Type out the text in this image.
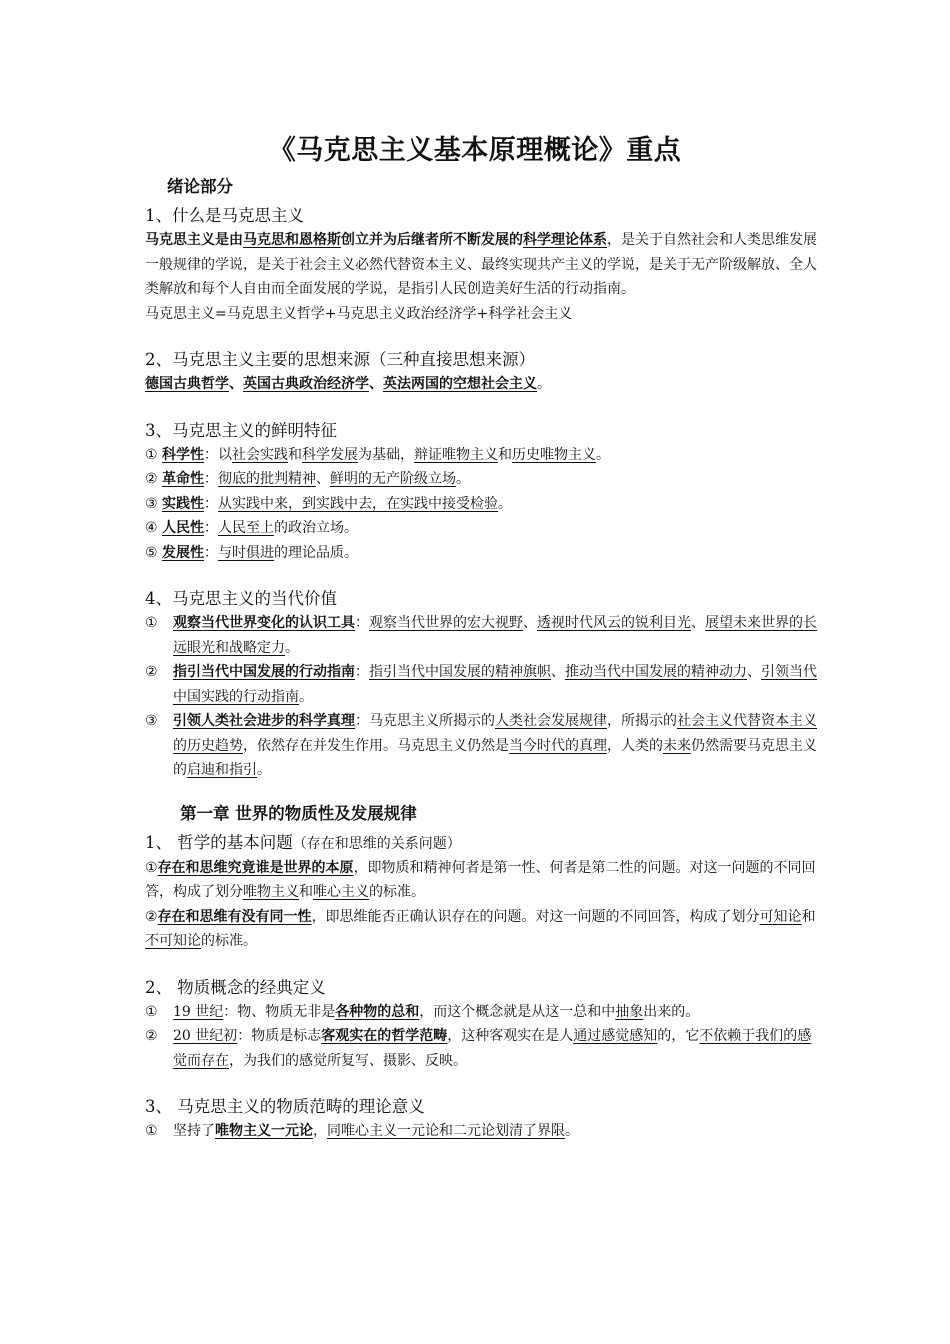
《马克思主义基本原理概论》重点
绪论部分
1、什么是马克思主义

马克思主义是由马克思和恩格斯创立并为后继者所不断发展的科学理论体系，是关于自然社会和人类思维发展一般规律的学说，是关于社会主义必然代替资本主义、最终实现共产主义的学说，是关于无产阶级解放、全人类解放和每个人自由而全面发展的学说，是指引人民创造美好生活的行动指南。

马克思主义=马克思主义哲学+马克思主义政治经济学+科学社会主义

2、马克思主义主要的思想来源（三种直接思想来源）

德国古典哲学、英国古典政治经济学、英法两国的空想社会主义。

3、马克思主义的鲜明特征

① 科学性：以社会实践和科学发展为基础，辩证唯物主义和历史唯物主义。

② 革命性：彻底的批判精神、鲜明的无产阶级立场。

③ 实践性：从实践中来，到实践中去，在实践中接受检验。

④ 人民性：人民至上的政治立场。

⑤ 发展性：与时俱进的理论品质。

4、马克思主义的当代价值
①	观察当代世界变化的认识工具：观察当代世界的宏大视野、透视时代风云的锐利目光、展望未来世界的长远眼光和战略定力。
②	指引当代中国发展的行动指南：指引当代中国发展的精神旗帜、推动当代中国发展的精神动力、引领当代中国实践的行动指南。
③	引领人类社会进步的科学真理：马克思主义所揭示的人类社会发展规律，所揭示的社会主义代替资本主义的历史趋势，依然存在并发生作用。马克思主义仍然是当今时代的真理，人类的未来仍然需要马克思主义的启迪和指引。
第一章 世界的物质性及发展规律
1、 哲学的基本问题（存在和思维的关系问题）

①存在和思维究竟谁是世界的本原，即物质和精神何者是第一性、何者是第二性的问题。对这一问题的不同回答，构成了划分唯物主义和唯心主义的标准。

②存在和思维有没有同一性，即思维能否正确认识存在的问题。对这一问题的不同回答，构成了划分可知论和不可知论的标准。

2、 物质概念的经典定义
①	19 世纪：物、物质无非是各种物的总和，而这个概念就是从这一总和中抽象出来的。
②	20 世纪初：物质是标志客观实在的哲学范畴，这种客观实在是人通过感觉感知的，它不依赖于我们的感觉而存在，为我们的感觉所复写、摄影、反映。
3、 马克思主义的物质范畴的理论意义
①	坚持了唯物主义一元论，同唯心主义一元论和二元论划清了界限。
